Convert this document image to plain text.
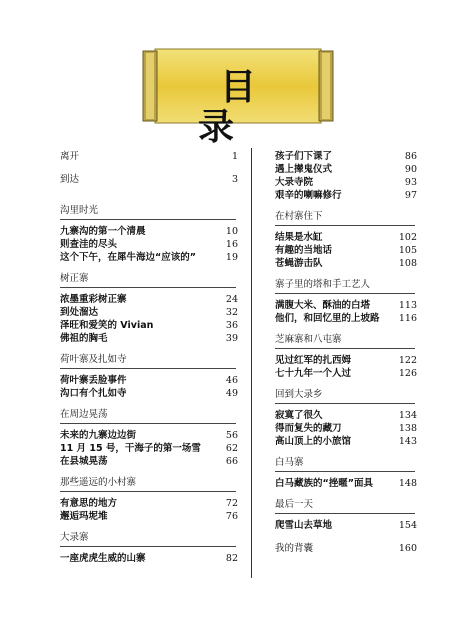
目 录
离开	1
到达	3
沟里时光
九寨沟的第一个清晨	10
则查洼的尽头	16
这个下午，在犀牛海边“应该的”	19
树正寨
浓墨重彩树正寨	24
到处溜达	32
泽旺和爱笑的 Vivian	36
佛祖的胸毛	39
荷叶寨及扎如寺
荷叶寨丢脸事件	46
沟口有个扎如寺	49
在周边晃荡
未来的九寨边边街	56
11 月 15 号，干海子的第一场雪	62
在县城晃荡	66
那些遥远的小村寨
有意思的地方	72
邂逅玛坭堆	76
大录寨
一座虎虎生威的山寨	82
孩子们下课了	86
遇上撵鬼仪式	90
大录寺院	93
艰辛的喇嘛修行	97
在村寨住下
结果是水缸	102
有趣的当地话	105
苍蝇游击队	108
寨子里的塔和手工艺人
满腹大米、酥油的白塔	113
他们，和回忆里的上坡路 116
芝麻寨和八屯寨
见过红军的扎西姆	122
七十九年一个人过	126
回到大录乡
寂寞了很久	134
得而复失的藏刀	138
高山顶上的小旅馆	143
白马寨
白马藏族的“挫暱”面具	148
最后一天
爬雪山去草地	154
我的背囊	160
